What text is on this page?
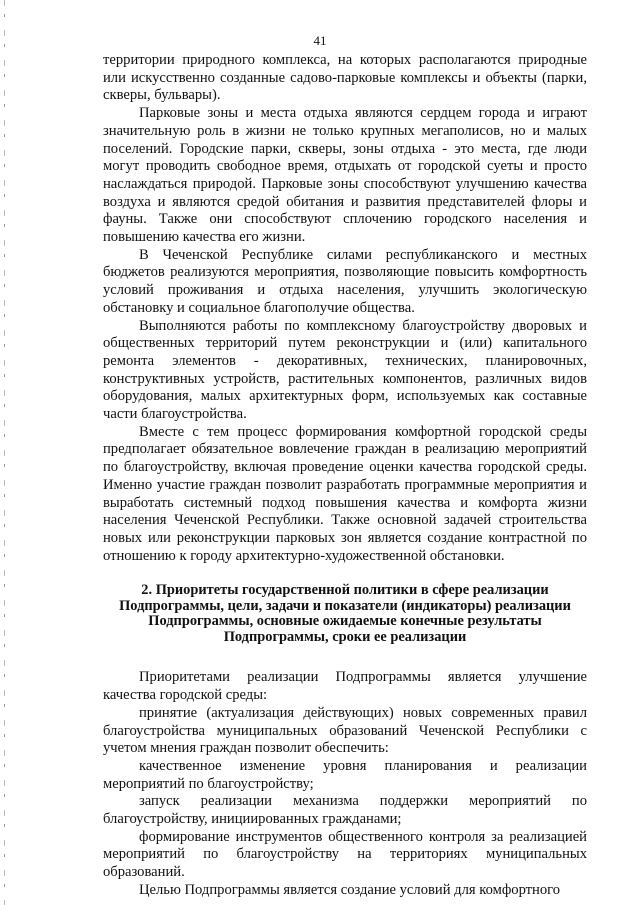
41

территории природного комплекса, на которых располагаются природные или искусственно созданные садово-парковые комплексы и объекты (парки, скверы, бульвары).

Парковые зоны и места отдыха являются сердцем города и играют значительную роль в жизни не только крупных мегаполисов, но и малых поселений. Городские парки, скверы, зоны отдыха - это места, где люди могут проводить свободное время, отдыхать от городской суеты и просто наслаждаться природой. Парковые зоны способствуют улучшению качества воздуха и являются средой обитания и развития представителей флоры и фауны. Также они способствуют сплочению городского населения и повышению качества его жизни.

В Чеченской Республике силами республиканского и местных бюджетов реализуются мероприятия, позволяющие повысить комфортность условий проживания и отдыха населения, улучшить экологическую обстановку и социальное благополучие общества.

Выполняются работы по комплексному благоустройству дворовых и общественных территорий путем реконструкции и (или) капитального ремонта элементов - декоративных, технических, планировочных, конструктивных устройств, растительных компонентов, различных видов оборудования, малых архитектурных форм, используемых как составные части благоустройства.

Вместе с тем процесс формирования комфортной городской среды предполагает обязательное вовлечение граждан в реализацию мероприятий по благоустройству, включая проведение оценки качества городской среды. Именно участие граждан позволит разработать программные мероприятия и выработать системный подход повышения качества и комфорта жизни населения Чеченской Республики. Также основной задачей строительства новых или реконструкции парковых зон является создание контрастной по отношению к городу архитектурно-художественной обстановки.

2. Приоритеты государственной политики в сфере реализации
Подпрограммы, цели, задачи и показатели (индикаторы) реализации
Подпрограммы, основные ожидаемые конечные результаты
Подпрограммы, сроки ее реализации

Приоритетами реализации Подпрограммы является улучшение качества городской среды:

принятие (актуализация действующих) новых современных правил благоустройства муниципальных образований Чеченской Республики с учетом мнения граждан позволит обеспечить:

качественное изменение уровня планирования и реализации мероприятий по благоустройству;

запуск реализации механизма поддержки мероприятий по благоустройству, инициированных гражданами;

формирование инструментов общественного контроля за реализацией мероприятий по благоустройству на территориях муниципальных образований.

Целью Подпрограммы является создание условий для комфортного
